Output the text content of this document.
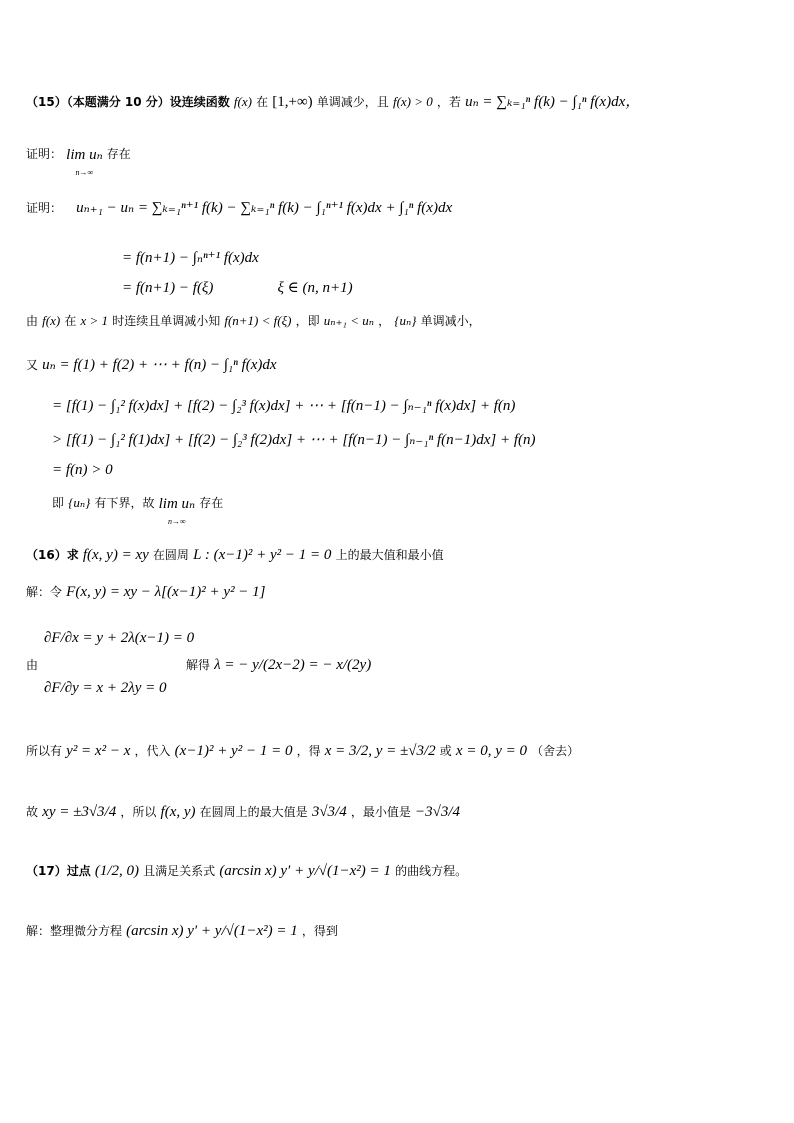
（15）（本题满分 10 分）设连续函数 f(x) 在 [1,+∞) 单调减少，且 f(x) > 0 ，若 uₙ = ∑ₖ₌₁ⁿ f(k) − ∫₁ⁿ f(x)dx，
证明： lim uₙ
n→∞ 存在
证明： uₙ₊₁ − uₙ = ∑ₖ₌₁ⁿ⁺¹ f(k) − ∑ₖ₌₁ⁿ f(k) − ∫₁ⁿ⁺¹ f(x)dx + ∫₁ⁿ f(x)dx
= f(n+1) − ∫ₙⁿ⁺¹ f(x)dx
= f(n+1) − f(ξ)	ξ ∈ (n, n+1)
由 f(x) 在 x > 1 时连续且单调减小知 f(n+1) < f(ξ) ，即 uₙ₊₁ < uₙ ， {uₙ} 单调减小，
又 uₙ = f(1) + f(2) + ⋯ + f(n) − ∫₁ⁿ f(x)dx
= [f(1) − ∫₁² f(x)dx] + [f(2) − ∫₂³ f(x)dx] + ⋯ + [f(n−1) − ∫ₙ₋₁ⁿ f(x)dx] + f(n)
> [f(1) − ∫₁² f(1)dx] + [f(2) − ∫₂³ f(2)dx] + ⋯ + [f(n−1) − ∫ₙ₋₁ⁿ f(n−1)dx] + f(n)
= f(n) > 0
即 {uₙ} 有下界，故 lim uₙ
n→∞ 存在
（16）求 f(x, y) = xy 在圆周 L : (x−1)² + y² − 1 = 0 上的最大值和最小值
解：令 F(x, y) = xy − λ[(x−1)² + y² − 1]
∂F/∂x = y + 2λ(x−1) = 0
由	解得 λ = − y/(2x−2) = − x/(2y)
∂F/∂y = x + 2λy = 0
所以有 y² = x² − x ，代入 (x−1)² + y² − 1 = 0 ，得 x = 3/2, y = ±√3/2 或 x = 0, y = 0 （舍去）
故 xy = ±3√3/4 ，所以 f(x, y) 在圆周上的最大值是 3√3/4 ，最小值是 −3√3/4
（17）过点 (1/2, 0) 且满足关系式 (arcsin x) y′ + y/√(1−x²) = 1 的曲线方程。
解：整理微分方程 (arcsin x) y′ + y/√(1−x²) = 1 ，得到
